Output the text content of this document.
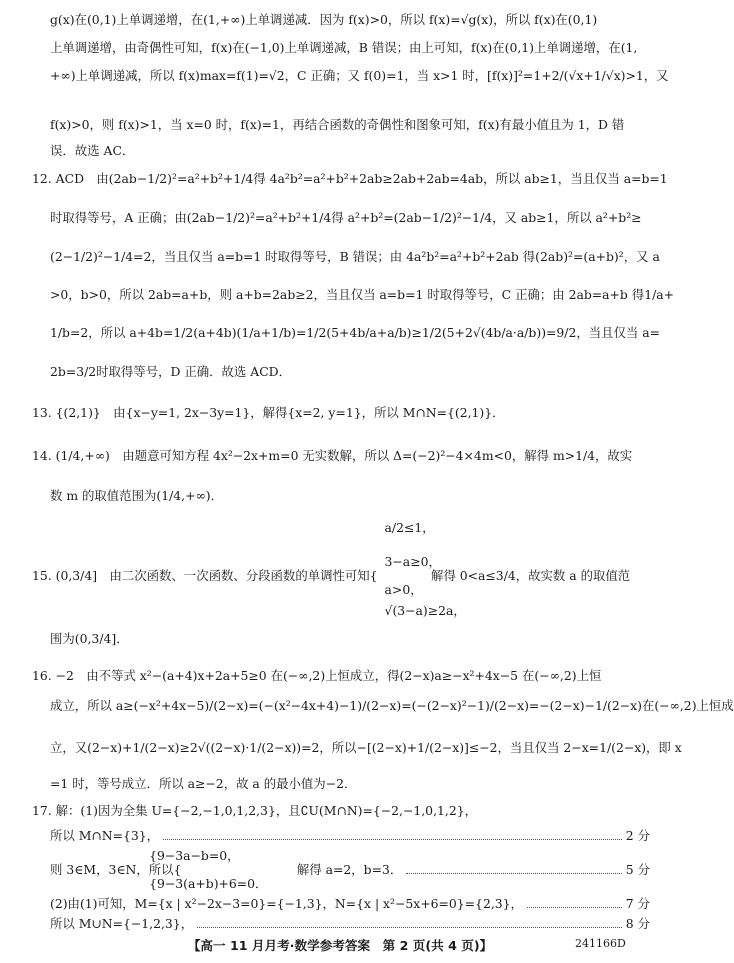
g(x)在(0,1)上单调递增，在(1,+∞)上单调递减．因为 f(x)>0，所以 f(x)=√g(x)，所以 f(x)在(0,1)
上单调递增，由奇偶性可知，f(x)在(−1,0)上单调递减，B 错误；由上可知，f(x)在(0,1)上单调递增，在(1,
+∞)上单调递减，所以 f(x)max=f(1)=√2，C 正确；又 f(0)=1，当 x>1 时，[f(x)]²=1+2/(√x+1/√x)>1，又
f(x)>0，则 f(x)>1，当 x=0 时，f(x)=1，再结合函数的奇偶性和图象可知，f(x)有最小值且为 1，D 错
误．故选 AC．
12. ACD　由(2ab−1/2)²=a²+b²+1/4得 4a²b²=a²+b²+2ab≥2ab+2ab=4ab，所以 ab≥1，当且仅当 a=b=1
时取得等号，A 正确；由(2ab−1/2)²=a²+b²+1/4得 a²+b²=(2ab−1/2)²−1/4，又 ab≥1，所以 a²+b²≥
(2−1/2)²−1/4=2，当且仅当 a=b=1 时取得等号，B 错误；由 4a²b²=a²+b²+2ab 得(2ab)²=(a+b)²，又 a
>0，b>0，所以 2ab=a+b，则 a+b=2ab≥2，当且仅当 a=b=1 时取得等号，C 正确；由 2ab=a+b 得1/a+
1/b=2，所以 a+4b=1/2(a+4b)(1/a+1/b)=1/2(5+4b/a+a/b)≥1/2(5+2√(4b/a·a/b))=9/2，当且仅当 a=
2b=3/2时取得等号，D 正确．故选 ACD．
13. {(2,1)}　由{x−y=1, 2x−3y=1}，解得{x=2, y=1}，所以 M∩N={(2,1)}．
14. (1/4,+∞)　由题意可知方程 4x²−2x+m=0 无实数解，所以 Δ=(−2)²−4×4m<0，解得 m>1/4，故实
数 m 的取值范围为(1/4,+∞)．
　　　　　　　　　　　　　　　　　　　　　　　　　　　a/2≤1，
　　　　　　　　　　　　　　　　　　　　　　　　　　　3−a≥0，
15. (0,3/4]　由二次函数、一次函数、分段函数的单调性可知{ 　　　　解得 0<a≤3/4，故实数 a 的取值范
　　　　　　　　　　　　　　　　　　　　　　　　　　　a>0，
　　　　　　　　　　　　　　　　　　　　　　　　　　　√(3−a)≥2a，
围为(0,3/4]．
16. −2　由不等式 x²−(a+4)x+2a+5≥0 在(−∞,2)上恒成立，得(2−x)a≥−x²+4x−5 在(−∞,2)上恒
成立，所以 a≥(−x²+4x−5)/(2−x)=(−(x²−4x+4)−1)/(2−x)=(−(2−x)²−1)/(2−x)=−(2−x)−1/(2−x)在(−∞,2)上恒成
立，又(2−x)+1/(2−x)≥2√((2−x)·1/(2−x))=2，所以−[(2−x)+1/(2−x)]≤−2，当且仅当 2−x=1/(2−x)，即 x
=1 时，等号成立．所以 a≥−2，故 a 的最小值为−2．
17. 解：(1)因为全集 U={−2,−1,0,1,2,3}，且∁U(M∩N)={−2,−1,0,1,2}，
所以 M∩N={3}，	2 分
　　　　　　　　{9−3a−b=0，
则 3∈M，3∈N，所以{ 　　　　　　　　　解得 a=2，b=3．	5 分
　　　　　　　　{9−3(a+b)+6=0．
(2)由(1)可知，M={x | x²−2x−3=0}={−1,3}，N={x | x²−5x+6=0}={2,3}，	7 分
所以 M∪N={−1,2,3}，	8 分
【高一 11 月月考·数学参考答案　第 2 页(共 4 页)】	241166D
